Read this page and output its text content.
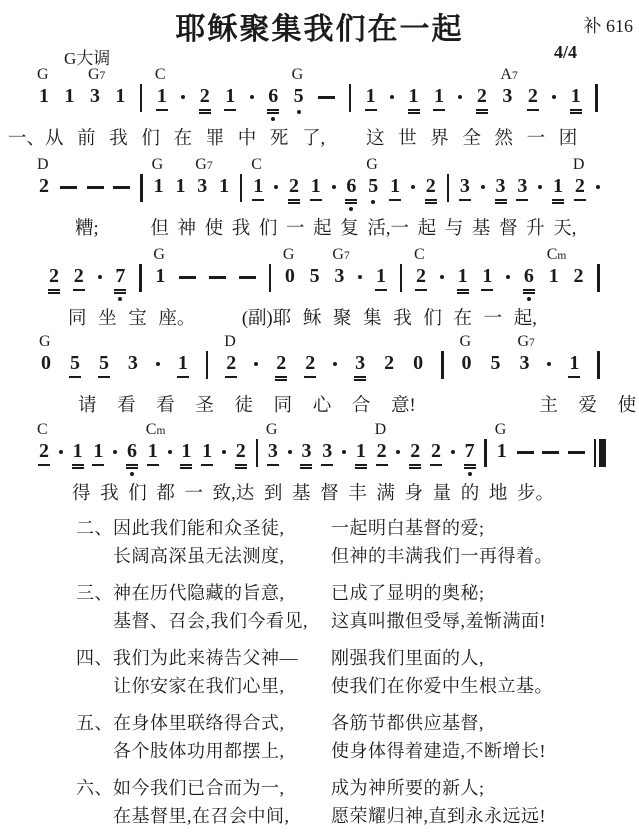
耶稣聚集我们在一起	补 616
G大调	4/4
1
G
1 3
G7
1 1
C
2 1 6 5
G
1 1 1 2 3
A7
2 1
一、从 前 我 们 在 罪 中 死 了,   这 世 界 全 然 一 团
2
D
1
G
1 3
G7
1 1
C
2 1 6 5
G
1 2 3 3 3 1 2
D
糟;      但 神 使 我 们 一 起 复 活,一 起 与 基 督 升 天,
2 2 7 1
G
0
G
5 3
G7
1 2
C
1 1 6 1
Cm
2
同 坐 宝 座。    (副)耶 稣 聚 集 我 们 在 一 起,
0
G
5 5 3 1 2
D
2 2 3 2 0 0
G
5 3
G7
1
请 看 看 圣 徒 同 心 合 意!      主 爱 使
2
C
1 1 6 1
Cm
1 1 2 3
G
3 3 1 2
D
2 2 7 1
G
得 我 们 都 一 致,达 到 基 督 丰 满 身 量 的 地 步。
二、 因此我们能和众圣徒,	一起明白基督的爱;
长阔高深虽无法测度,	但神的丰满我们一再得着。
三、 神在历代隐藏的旨意,	已成了显明的奥秘;
基督、召会,我们今看见,	这真叫撒但受辱,羞惭满面!
四、 我们为此来祷告父神—	刚强我们里面的人,
让你安家在我们心里,	使我们在你爱中生根立基。
五、 在身体里联络得合式,	各筋节都供应基督,
各个肢体功用都摆上,	使身体得着建造,不断增长!
六、 如今我们已合而为一,	成为神所要的新人;
在基督里,在召会中间,	愿荣耀归神,直到永永远远!
